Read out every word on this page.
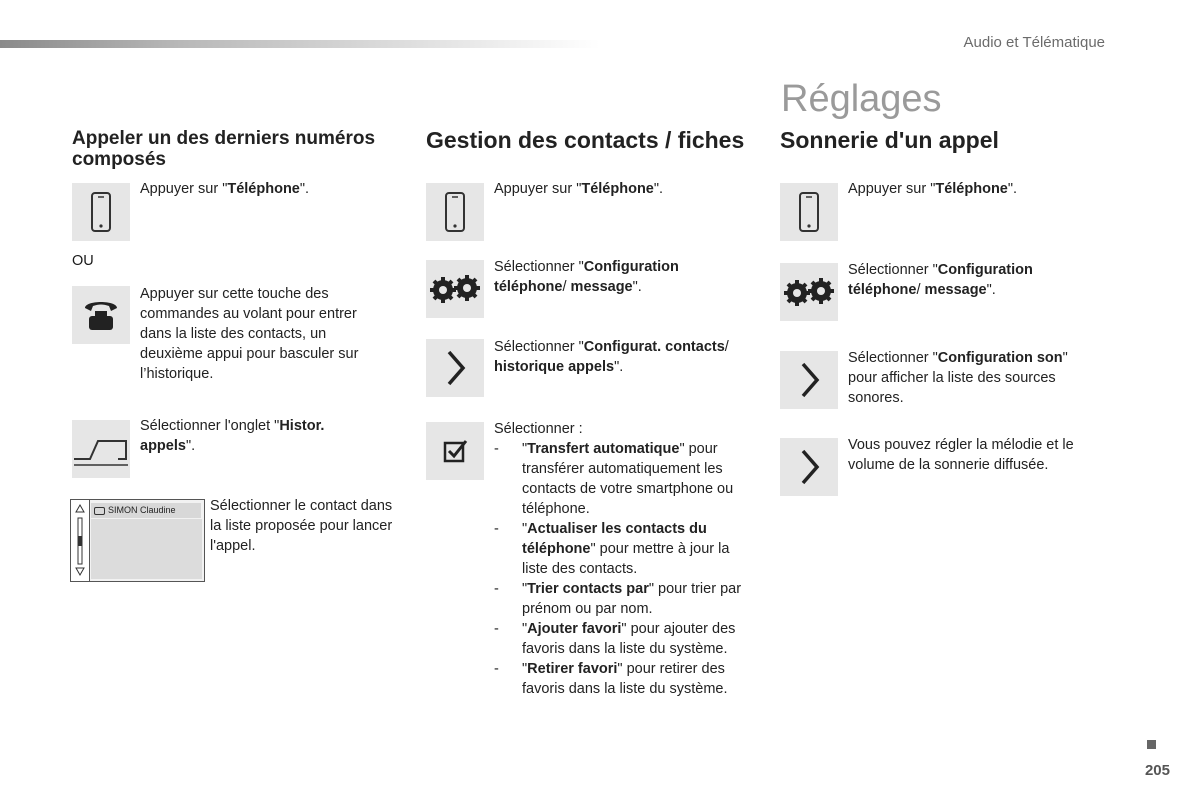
Audio et Télématique
Réglages
Appeler un des derniers numéros composés
Appuyer sur "Téléphone".
OU
Appuyer sur cette touche des commandes au volant pour entrer dans la liste des contacts, un deuxième appui pour basculer sur l’historique.
Sélectionner l'onglet "Histor. appels".
SIMON Claudine	Sélectionner le contact dans la liste proposée pour lancer l'appel.
Gestion des contacts / fiches
Appuyer sur "Téléphone".
Sélectionner "Configuration téléphone/ message".
Sélectionner "Configurat. contacts/ historique appels".
Sélectionner :
- "Transfert automatique" pour transférer automatiquement les contacts de votre smartphone ou téléphone.
- "Actualiser les contacts du téléphone" pour mettre à jour la liste des contacts.
- "Trier contacts par" pour trier par prénom ou par nom.
- "Ajouter favori" pour ajouter des favoris dans la liste du système.
- "Retirer favori" pour retirer des favoris dans la liste du système.
Sonnerie d'un appel
Appuyer sur "Téléphone".
Sélectionner "Configuration téléphone/ message".
Sélectionner "Configuration son" pour afficher la liste des sources sonores.
Vous pouvez régler la mélodie et le volume de la sonnerie diffusée.
205
